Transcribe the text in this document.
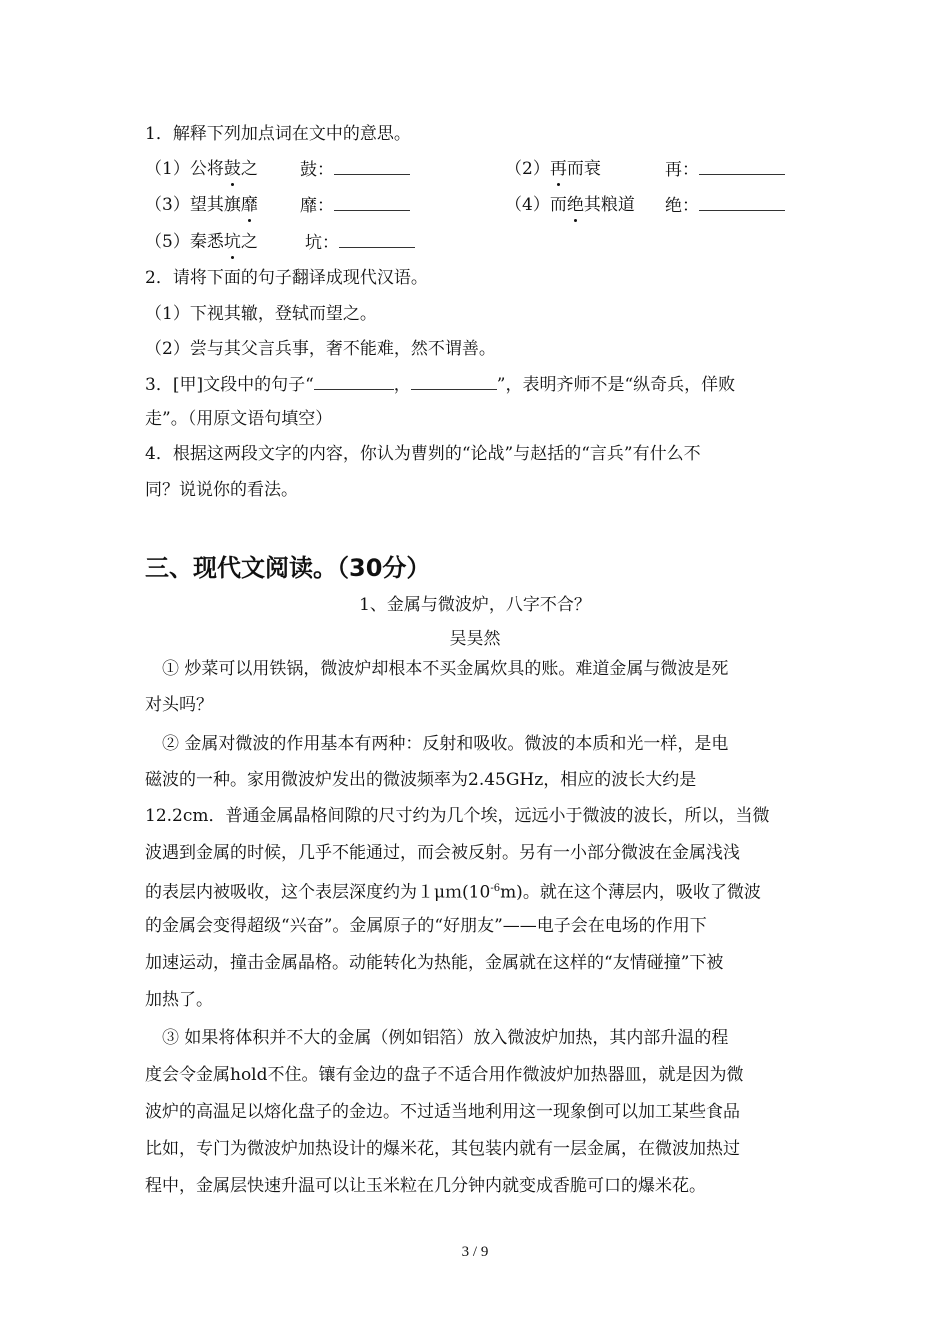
1．解释下列加点词在文中的意思。
（1）公将鼓之 鼓：	（2）再而衰	再：
（3）望其旗靡 靡：	（4）而绝其粮道 绝：
（5）秦悉坑之	坑：
2．请将下面的句子翻译成现代汉语。
（1）下视其辙，登轼而望之。
（2）尝与其父言兵事，奢不能难，然不谓善。
3．[甲]文段中的句子“	，	”，表明齐师不是“纵奇兵，佯败
走”。（用原文语句填空）
4．根据这两段文字的内容，你认为曹刿的“论战”与赵括的“言兵”有什么不
同？说说你的看法。
三、现代文阅读。（30分）
1、金属与微波炉，八字不合？
吴昊然
　① 炒菜可以用铁锅，微波炉却根本不买金属炊具的账。难道金属与微波是死
对头吗？
　② 金属对微波的作用基本有两种：反射和吸收。微波的本质和光一样，是电
磁波的一种。家用微波炉发出的微波频率为2.45GHz，相应的波长大约是
12.2cm．普通金属晶格间隙的尺寸约为几个埃，远远小于微波的波长，所以，当微
波遇到金属的时候，几乎不能通过，而会被反射。另有一小部分微波在金属浅浅
的表层内被吸收，这个表层深度约为$1\mu m(10^{-6}m)$。就在这个薄层内，吸收了微波
的金属会变得超级“兴奋”。金属原子的“好朋友”——电子会在电场的作用下
加速运动，撞击金属晶格。动能转化为热能，金属就在这样的“友情碰撞”下被
加热了。
　③ 如果将体积并不大的金属（例如铝箔）放入微波炉加热，其内部升温的程
度会令金属hold不住。镶有金边的盘子不适合用作微波炉加热器皿，就是因为微
波炉的高温足以熔化盘子的金边。不过适当地利用这一现象倒可以加工某些食品
比如，专门为微波炉加热设计的爆米花，其包装内就有一层金属，在微波加热过
程中，金属层快速升温可以让玉米粒在几分钟内就变成香脆可口的爆米花。
3 / 9
